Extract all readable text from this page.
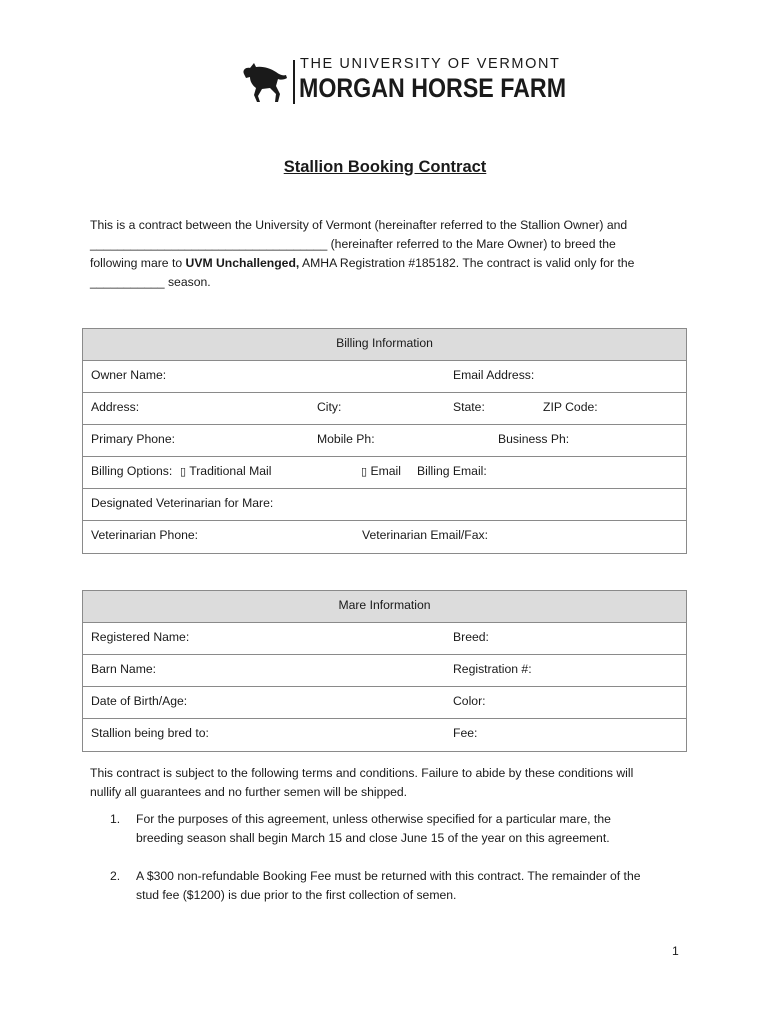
THE UNIVERSITY OF VERMONT
MORGAN HORSE FARM
Stallion Booking Contract

This is a contract between the University of Vermont (hereinafter referred to the Stallion Owner) and

___________________________________ (hereinafter referred to the Mare Owner) to breed the

following mare to UVM Unchallenged, AMHA Registration #185182. The contract is valid only for the

___________ season.

Billing Information
Owner Name:	Email Address:
Address:	City:	State:	ZIP Code:
Primary Phone:	Mobile Ph:	Business Ph:
Billing Options: ▯ Traditional Mail	▯ Email Billing Email:
Designated Veterinarian for Mare:
Veterinarian Phone:	Veterinarian Email/Fax:
Mare Information
Registered Name:	Breed:
Barn Name:	Registration #:
Date of Birth/Age:	Color:
Stallion being bred to:	Fee:

This contract is subject to the following terms and conditions. Failure to abide by these conditions will

nullify all guarantees and no further semen will be shipped.

1. For the purposes of this agreement, unless otherwise specified for a particular mare, the
breeding season shall begin March 15 and close June 15 of the year on this agreement.
2. A $300 non-refundable Booking Fee must be returned with this contract. The remainder of the
stud fee ($1200) is due prior to the first collection of semen.
1
